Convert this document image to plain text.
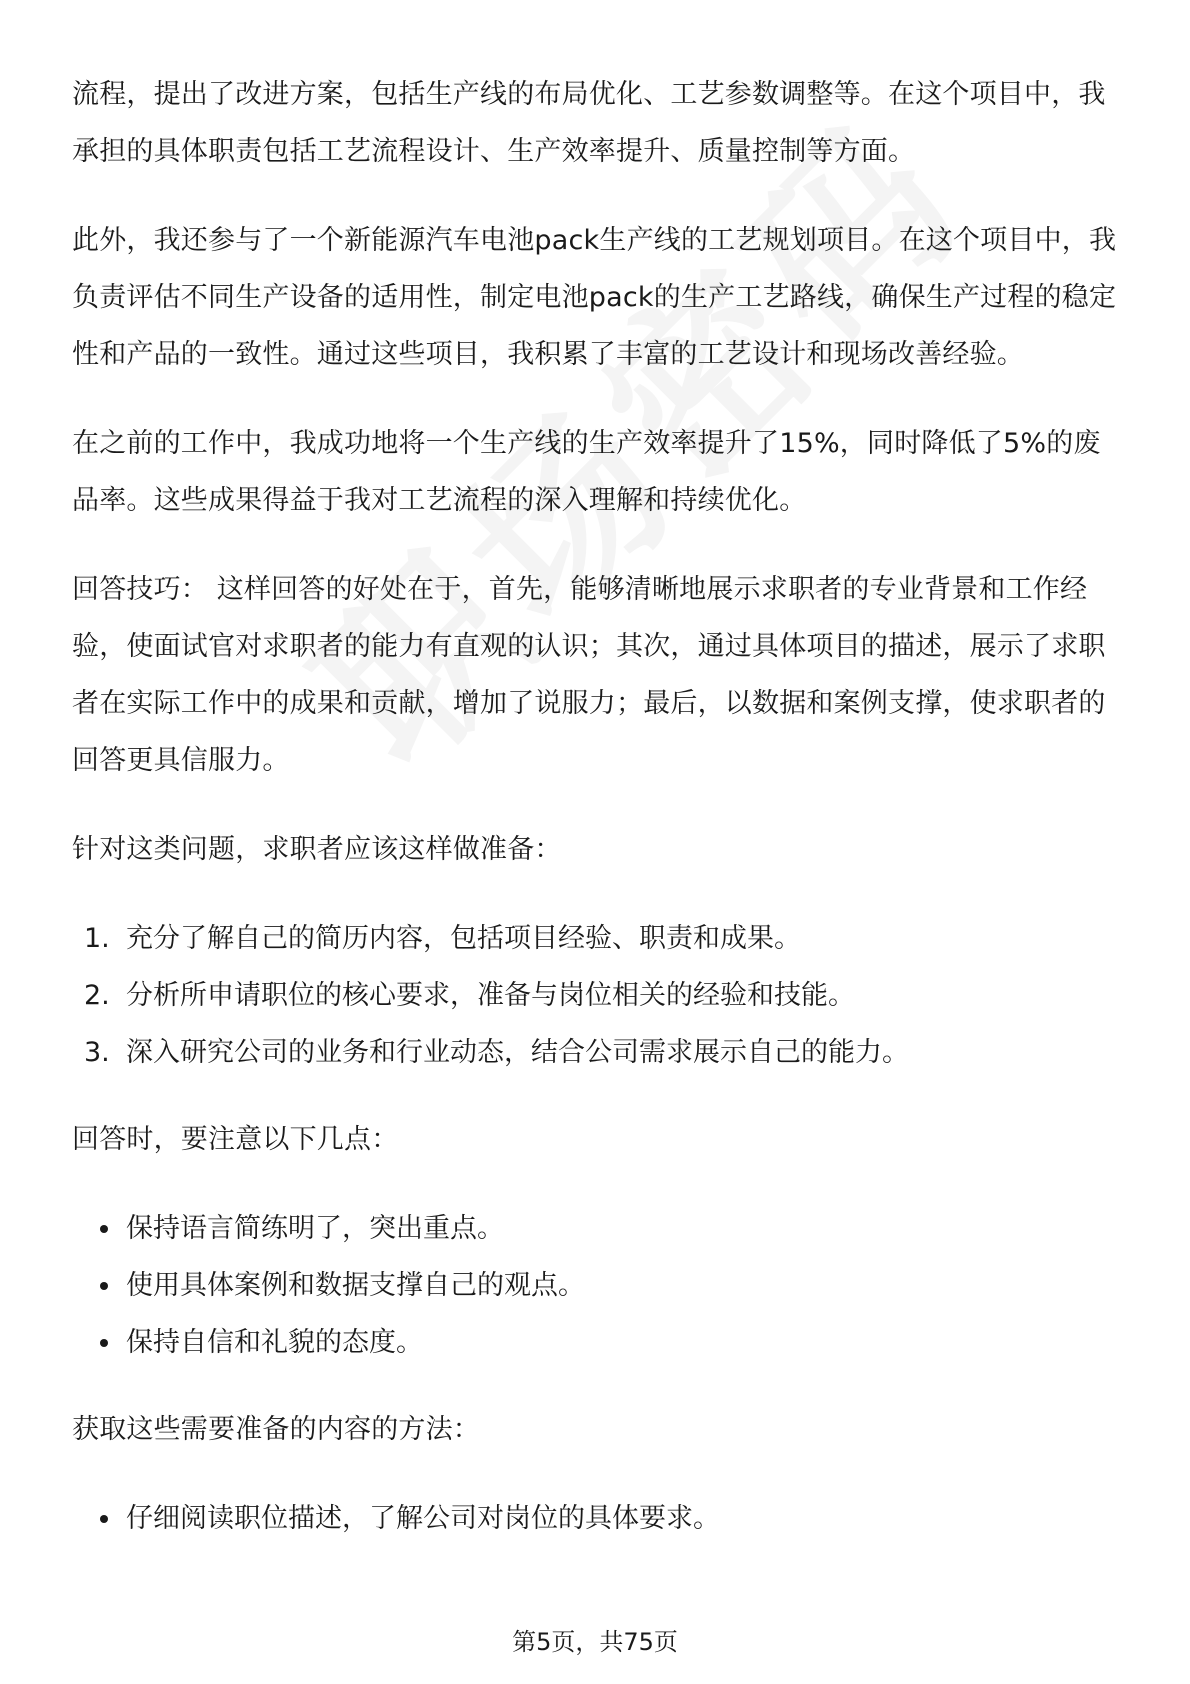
流程，提出了改进方案，包括生产线的布局优化、工艺参数调整等。在这个项目中，我承担的具体职责包括工艺流程设计、生产效率提升、质量控制等方面。

此外，我还参与了一个新能源汽车电池pack生产线的工艺规划项目。在这个项目中，我负责评估不同生产设备的适用性，制定电池pack的生产工艺路线，确保生产过程的稳定性和产品的一致性。通过这些项目，我积累了丰富的工艺设计和现场改善经验。

在之前的工作中，我成功地将一个生产线的生产效率提升了15%，同时降低了5%的废品率。这些成果得益于我对工艺流程的深入理解和持续优化。

回答技巧： 这样回答的好处在于，首先，能够清晰地展示求职者的专业背景和工作经验，使面试官对求职者的能力有直观的认识；其次，通过具体项目的描述，展示了求职者在实际工作中的成果和贡献，增加了说服力；最后，以数据和案例支撑，使求职者的回答更具信服力。

针对这类问题，求职者应该这样做准备：

1. 充分了解自己的简历内容，包括项目经验、职责和成果。
2. 分析所申请职位的核心要求，准备与岗位相关的经验和技能。
3. 深入研究公司的业务和行业动态，结合公司需求展示自己的能力。

回答时，要注意以下几点：

保持语言简练明了，突出重点。
使用具体案例和数据支撑自己的观点。
保持自信和礼貌的态度。

获取这些需要准备的内容的方法：

仔细阅读职位描述，了解公司对岗位的具体要求。
第5页，共75页
